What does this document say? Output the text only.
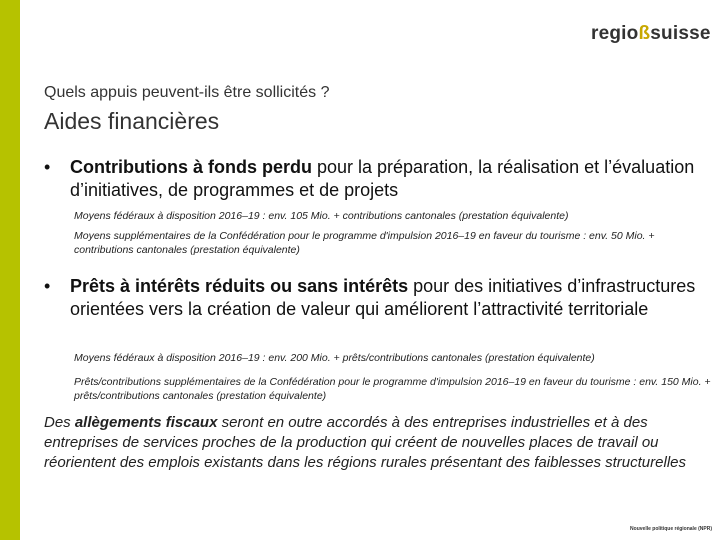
regioßsuisse
Quels appuis peuvent-ils être sollicités ?
Aides financières
• Contributions à fonds perdu pour la préparation, la réalisation et l’évaluation d’initiatives, de programmes et de projets
Moyens fédéraux à disposition 2016–19 : env. 105 Mio. + contributions cantonales (prestation équivalente)
Moyens supplémentaires de la Confédération pour le programme d'impulsion 2016–19 en faveur du tourisme : env. 50 Mio. + contributions cantonales (prestation équivalente)
• Prêts à intérêts réduits ou sans intérêts pour des initiatives d’infrastructures orientées vers la création de valeur qui améliorent l’attractivité territoriale
Moyens fédéraux à disposition 2016–19 : env. 200 Mio. + prêts/contributions cantonales (prestation équivalente)
Prêts/contributions supplémentaires de la Confédération pour le programme d'impulsion 2016–19 en faveur du tourisme : env. 150 Mio. + prêts/contributions cantonales (prestation équivalente)
Des allègements fiscaux seront en outre accordés à des entreprises industrielles et à des entreprises de services proches de la production qui créent de nouvelles places de travail ou réorientent des emplois existants dans les régions rurales présentant des faiblesses structurelles
Nouvelle politique régionale (NPR)
